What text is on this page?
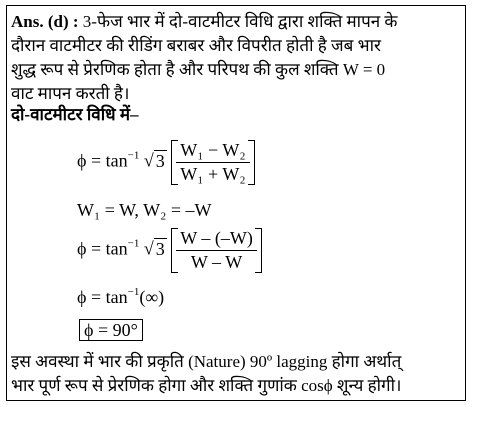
Ans. (d) : 3-फेज भार में दो-वाटमीटर विधि द्वारा शक्ति मापन के
दौरान वाटमीटर की रीडिंग बराबर और विपरीत होती है जब भार
शुद्ध रूप से प्रेरणिक होता है और परिपथ की कुल शक्ति W = 0
वाट मापन करती है।
दो-वाटमीटर विधि में–
$\phi = \tan^{-1}$ √ $3 \frac{\text{W₁ − W₂}}{\text{W₁ + W₂}}$
W₁ = W, W₂ = –W
$\phi = \tan^{-1}$ √ $3 \frac{W - (-W)}{W - W}$
$\phi = \tan^{-1}(\infty)$
ϕ = 90°
इस अवस्था में भार की प्रकृति (Nature) 90º lagging होगा अर्थात्
भार पूर्ण रूप से प्रेरणिक होगा और शक्ति गुणांक cosϕ शून्य होगी।
